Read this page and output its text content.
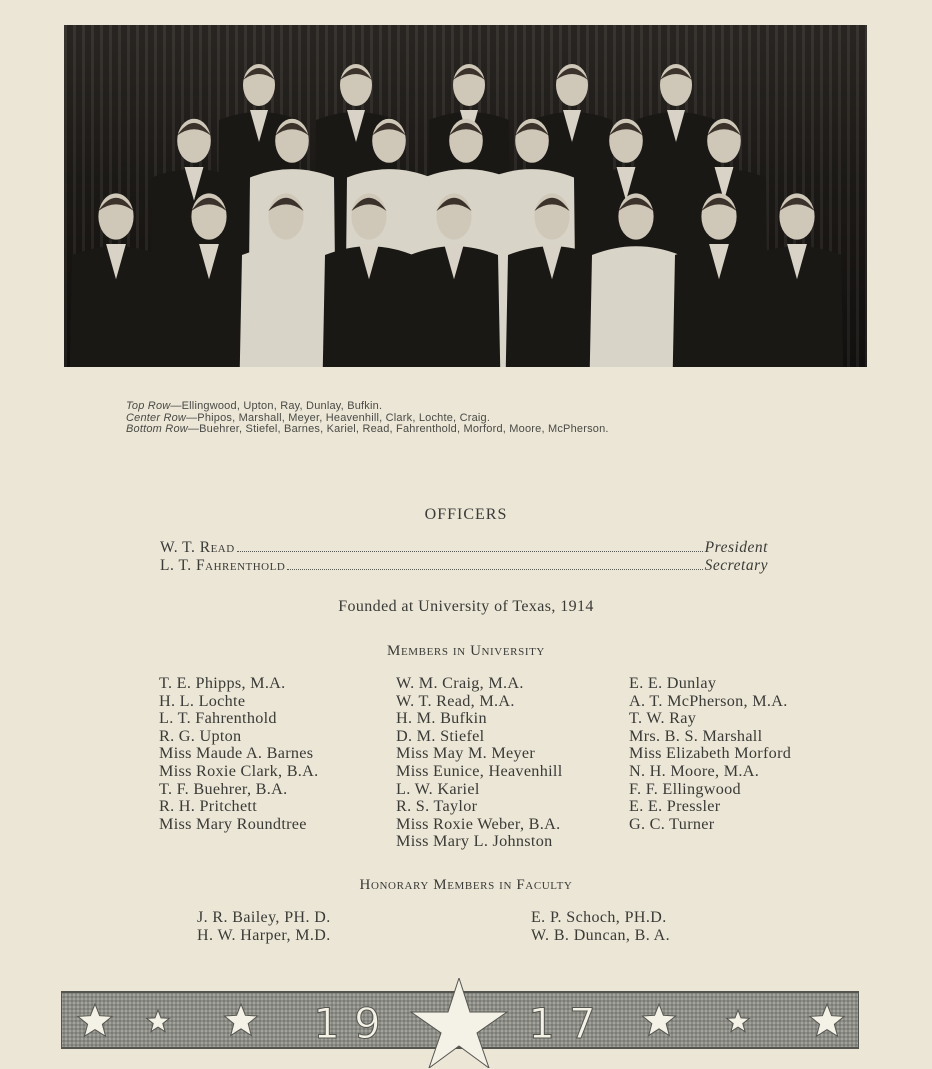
Top Row—Ellingwood, Upton, Ray, Dunlay, Bufkin.
Center Row—Phipos, Marshall, Meyer, Heavenhill, Clark, Lochte, Craig.
Bottom Row—Buehrer, Stiefel, Barnes, Kariel, Read, Fahrenthold, Morford, Moore, McPherson.
OFFICERS
W. T. Read	President
L. T. Fahrenthold	Secretary
Founded at University of Texas, 1914
Members in University
T. E. Phipps, M.A.
H. L. Lochte
L. T. Fahrenthold
R. G. Upton
Miss Maude A. Barnes
Miss Roxie Clark, B.A.
T. F. Buehrer, B.A.
R. H. Pritchett
Miss Mary Roundtree
W. M. Craig, M.A.
W. T. Read, M.A.
H. M. Bufkin
D. M. Stiefel
Miss May M. Meyer
Miss Eunice, Heavenhill
L. W. Kariel
R. S. Taylor
Miss Roxie Weber, B.A.
Miss Mary L. Johnston
E. E. Dunlay
A. T. McPherson, M.A.
T. W. Ray
Mrs. B. S. Marshall
Miss Elizabeth Morford
N. H. Moore, M.A.
F. F. Ellingwood
E. E. Pressler
G. C. Turner
Honorary Members in Faculty
J. R. Bailey, PH. D.
H. W. Harper, M.D.
E. P. Schoch, PH.D.
W. B. Duncan, B. A.
19	17
